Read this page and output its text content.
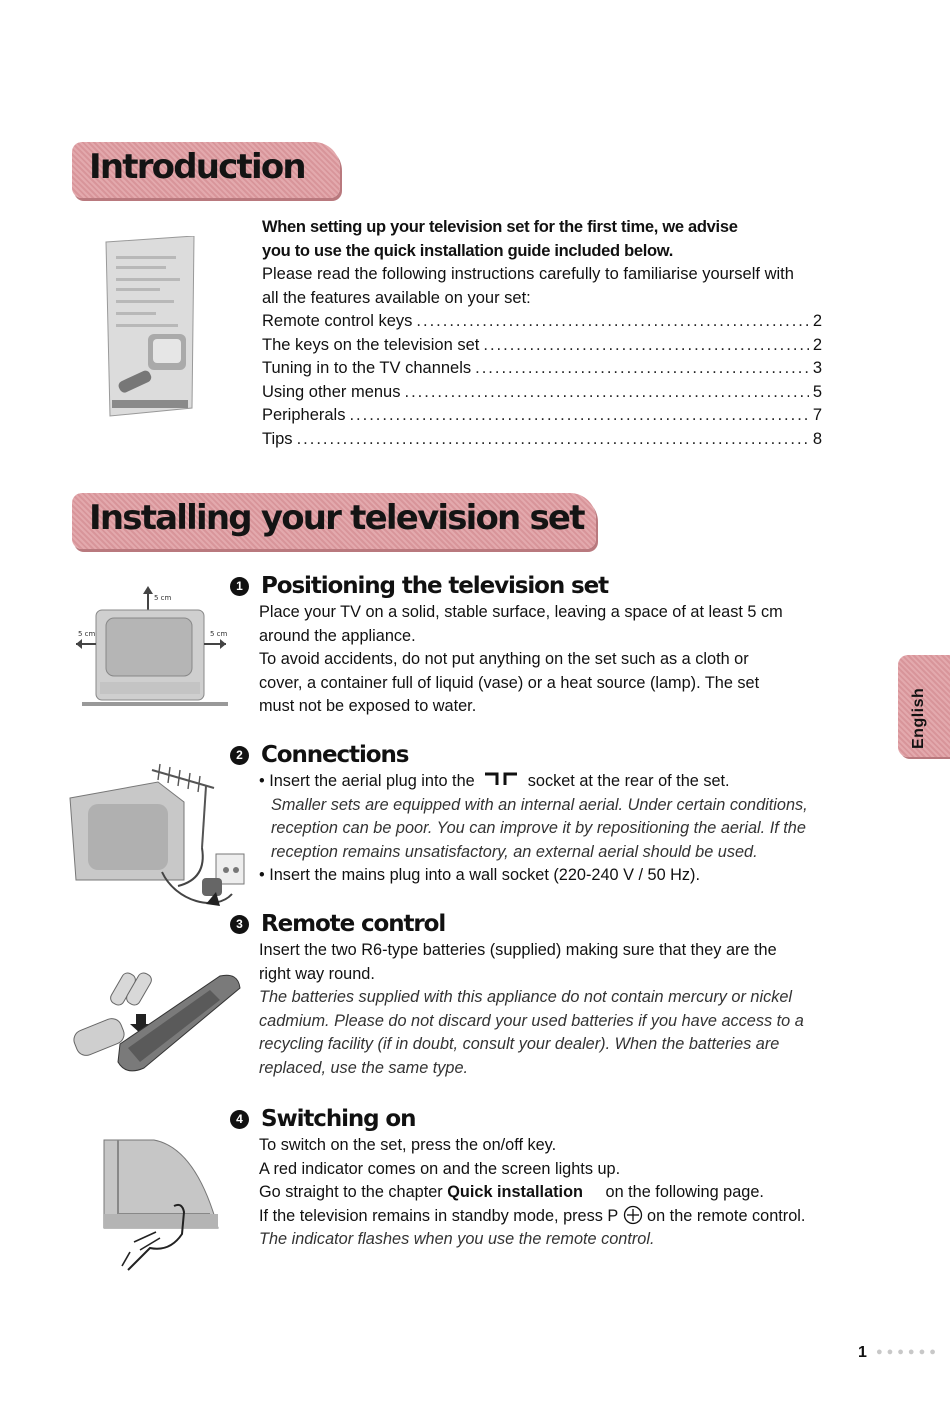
Introduction
When setting up your television set for the first time, we advise
you to use the quick installation guide included below.
Please read the following instructions carefully to familiarise yourself with
all the features available on your set:
Remote control keys .....	2
The keys on the television set .....	2
Tuning in to the TV channels .....	3
Using other menus .....	5
Peripherals .....	7
Tips .....	8
Installing your television set
5 cm
5 cm	5 cm
1 Positioning the television set
Place your TV on a solid, stable surface, leaving a space of at least 5 cm
around the appliance.
To avoid accidents, do not put anything on the set such as a cloth or
cover, a container full of liquid (vase) or a heat source (lamp). The set
must not be exposed to water.
2 Connections
• Insert the aerial plug into the	socket at the rear of the set.
Smaller sets are equipped with an internal aerial. Under certain conditions,
reception can be poor. You can improve it by repositioning the aerial. If the
reception remains unsatisfactory, an external aerial should be used.
• Insert the mains plug into a wall socket (220-240 V / 50 Hz).
3 Remote control
Insert the two R6-type batteries (supplied) making sure that they are the
right way round.
The batteries supplied with this appliance do not contain mercury or nickel
cadmium. Please do not discard your used batteries if you have access to a
recycling facility (if in doubt, consult your dealer). When the batteries are
replaced, use the same type.
4 Switching on
To switch on the set, press the on/off key.
A red indicator comes on and the screen lights up.
Go straight to the chapter Quick installation on the following page.
If the television remains in standby mode, press P on the remote control.
The indicator flashes when you use the remote control.
English
1 ●●●●●●
